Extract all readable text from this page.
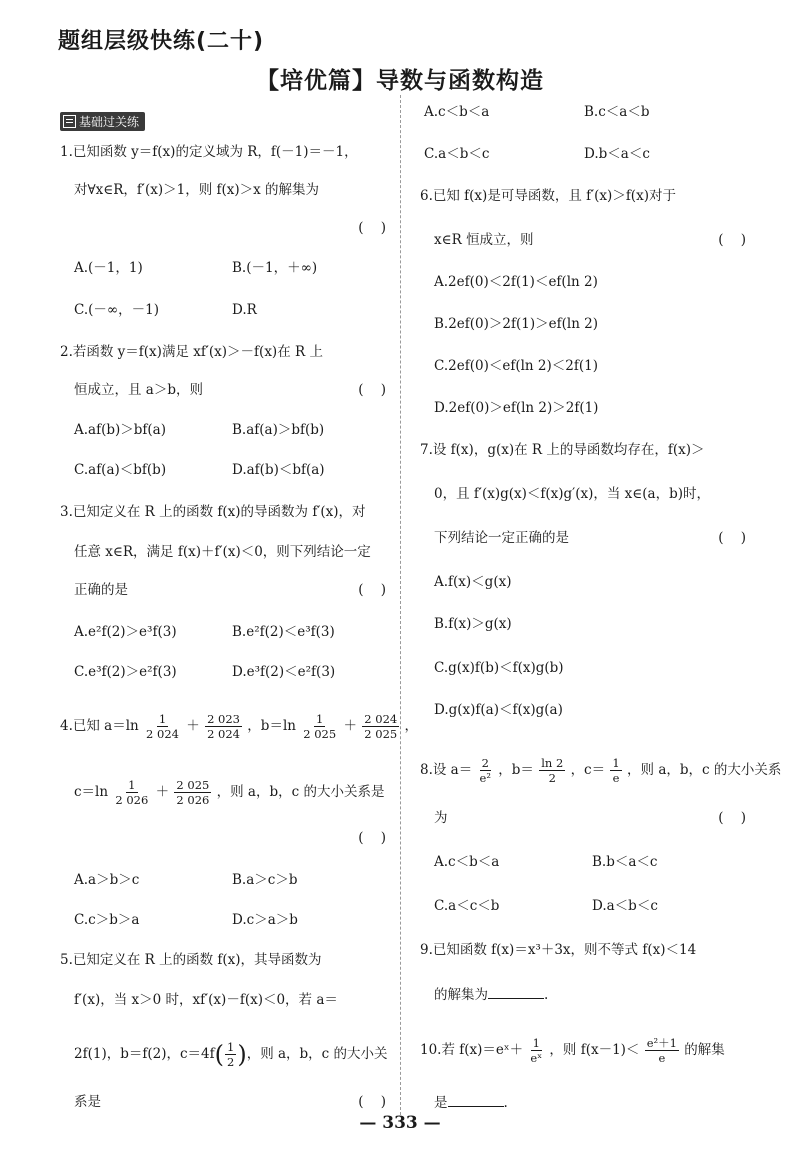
题组层级快练(二十)
【培优篇】导数与函数构造
基础过关练
1.已知函数 y＝f(x)的定义域为 R，f(－1)＝－1，
对∀x∈R，f′(x)＞1，则 f(x)＞x 的解集为
(    )
A.(－1，1)	B.(－1，＋∞)
C.(－∞，－1)	D.R
2.若函数 y＝f(x)满足 xf′(x)＞－f(x)在 R 上
恒成立，且 a＞b，则	(    )
A.af(b)＞bf(a)	B.af(a)＞bf(b)
C.af(a)＜bf(b)	D.af(b)＜bf(a)
3.已知定义在 R 上的函数 f(x)的导函数为 f′(x)，对
任意 x∈R，满足 f(x)＋f′(x)＜0，则下列结论一定
正确的是	(    )
A.e²f(2)＞e³f(3)	B.e²f(2)＜e³f(3)
C.e³f(2)＞e²f(3)	D.e³f(2)＜e²f(3)
4.已知 $a=\ln \frac{1}{2 024} + \frac{2 023}{2 024}$ ，$b=\ln \frac{1}{2 025} + \frac{2 024}{2 025}$ ，
$c=\ln \frac{1}{2 026} + \frac{2 025}{2 026}$ ，则 a，b，c 的大小关系是
(    )
A.a＞b＞c	B.a＞c＞b
C.c＞b＞a	D.c＞a＞b
5.已知定义在 R 上的函数 f(x)，其导函数为
f′(x)，当 x＞0 时，xf′(x)－f(x)＜0，若 a＝
2f(1)，b＝f(2)，$c=4f( \frac{1}{2}$ )，则 a，b，c 的大小关
系是	(    )
A.c＜b＜a	B.c＜a＜b
C.a＜b＜c	D.b＜a＜c
6.已知 f(x)是可导函数，且 f′(x)＞f(x)对于
x∈R 恒成立，则	(    )
A.2ef(0)＜2f(1)＜ef(ln 2)
B.2ef(0)＞2f(1)＞ef(ln 2)
C.2ef(0)＜ef(ln 2)＜2f(1)
D.2ef(0)＞ef(ln 2)＞2f(1)
7.设 f(x)，g(x)在 R 上的导函数均存在，f(x)＞
0，且 f′(x)g(x)＜f(x)g′(x)，当 x∈(a，b)时，
下列结论一定正确的是	(    )
A.f(x)＜g(x)
B.f(x)＞g(x)
C.g(x)f(b)＜f(x)g(b)
D.g(x)f(a)＜f(x)g(a)
8.设 $a= \frac{2}{\text{e²}}$ ，$b= \frac{\ln 2}{2}$ ，$c= \frac{1}{e}$ ，则 a，b，c 的大小关系
为	(    )
A.c＜b＜a	B.b＜a＜c
C.a＜c＜b	D.a＜b＜c
9.已知函数 f(x)＝x³＋3x，则不等式 f(x)＜14
的解集为	.
10.若 f(x)＝eˣ＋ $\frac{1}{\text{eˣ}}$ ，则 $f(x-1)< \frac{\text{e²＋1}}{e}$ 的解集
是	.
— 333 —
